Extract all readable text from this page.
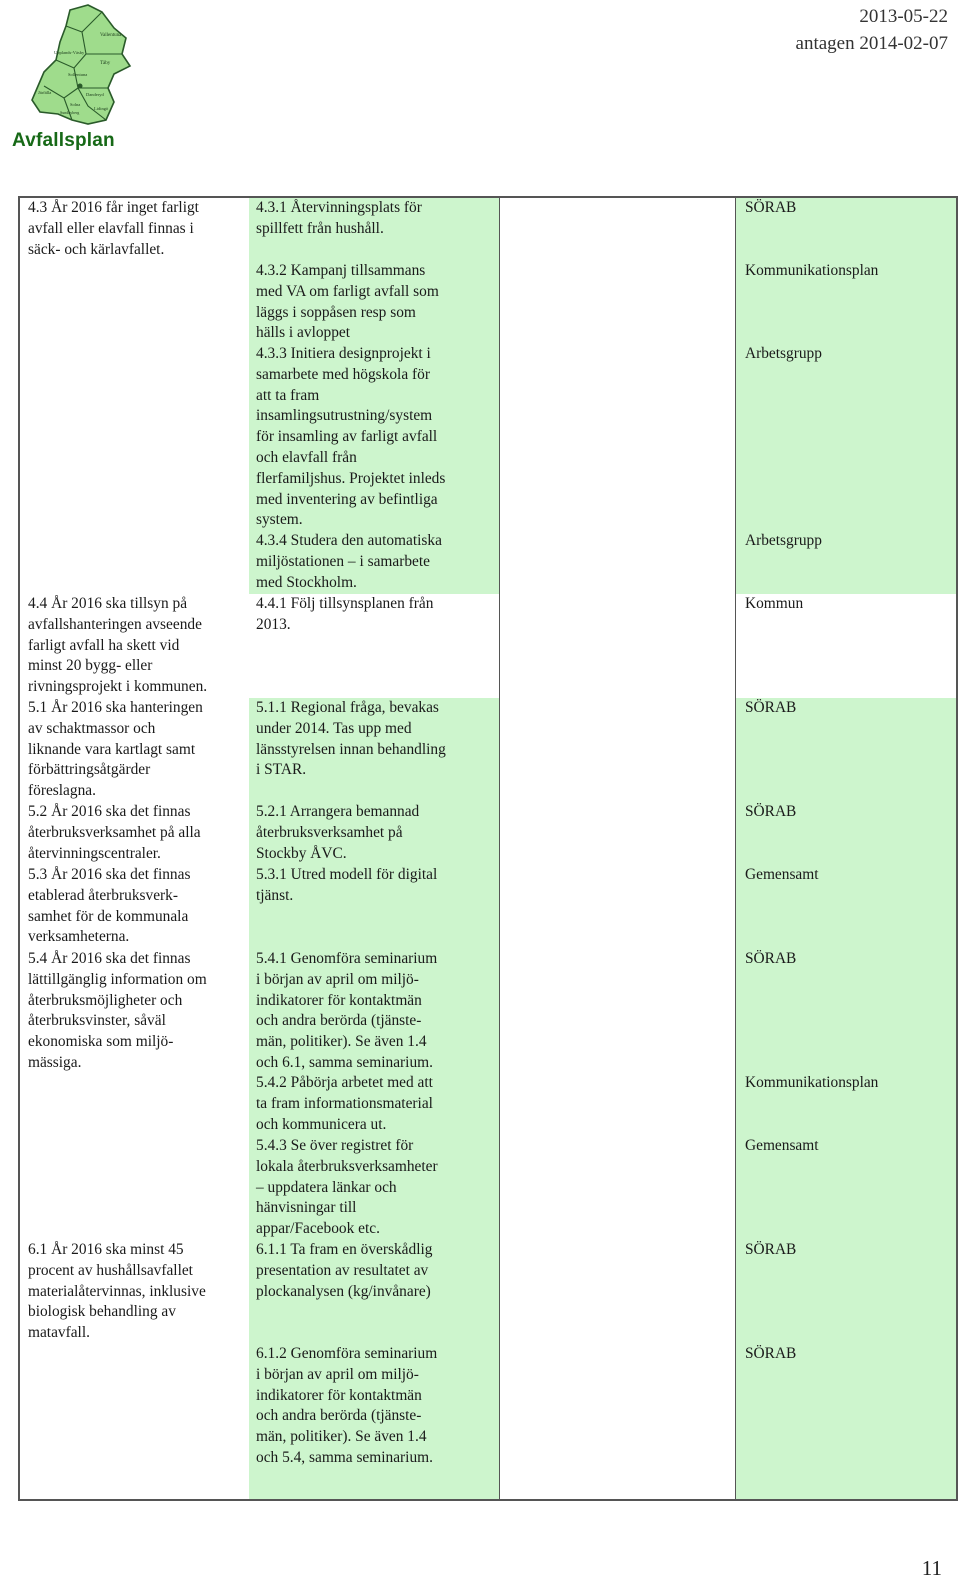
Vallentuna
Upplands-Väsby
Täby
Sollentuna
Järfälla	Danderyd
Solna
Sundbyberg
Lidingö
Avfallsplan
2013-05-22
antagen 2014-02-07
4.3 År 2016 får inget farligt
avfall eller elavfall finnas i
säck- och kärlavfallet.
4.4 År 2016 ska tillsyn på
avfallshanteringen avseende
farligt avfall ha skett vid
minst 20 bygg- eller
rivningsprojekt i kommunen.
5.1 År 2016 ska hanteringen
av schaktmassor och
liknande vara kartlagt samt
förbättringsåtgärder
föreslagna.
5.2 År 2016 ska det finnas
återbruksverksamhet på alla
återvinningscentraler.
5.3 År 2016 ska det finnas
etablerad återbruksverk-
samhet för de kommunala
verksamheterna.
5.4 År 2016 ska det finnas
lättillgänglig information om
återbruksmöjligheter och
återbruksvinster, såväl
ekonomiska som miljö-
mässiga.
6.1 År 2016 ska minst 45
procent av hushållsavfallet
materialåtervinnas, inklusive
biologisk behandling av
matavfall.
4.3.1 Återvinningsplats för
spillfett från hushåll.
4.3.2 Kampanj tillsammans
med VA om farligt avfall som
läggs i soppåsen resp som
hälls i avloppet
4.3.3 Initiera designprojekt i
samarbete med högskola för
att ta fram
insamlingsutrustning/system
för insamling av farligt avfall
och elavfall från
flerfamiljshus. Projektet inleds
med inventering av befintliga
system.
4.3.4 Studera den automatiska
miljöstationen – i samarbete
med Stockholm.
4.4.1 Följ tillsynsplanen från
2013.
5.1.1 Regional fråga, bevakas
under 2014. Tas upp med
länsstyrelsen innan behandling
i STAR.
5.2.1 Arrangera bemannad
återbruksverksamhet på
Stockby ÅVC.
5.3.1 Utred modell för digital
tjänst.
5.4.1 Genomföra seminarium
i början av april om miljö-
indikatorer för kontaktmän
och andra berörda (tjänste-
män, politiker). Se även 1.4
och 6.1, samma seminarium.
5.4.2 Påbörja arbetet med att
ta fram informationsmaterial
och kommunicera ut.
5.4.3 Se över registret för
lokala återbruksverksamheter
– uppdatera länkar och
hänvisningar till
appar/Facebook etc.
6.1.1 Ta fram en överskådlig
presentation av resultatet av
plockanalysen (kg/invånare)
6.1.2 Genomföra seminarium
i början av april om miljö-
indikatorer för kontaktmän
och andra berörda (tjänste-
män, politiker). Se även 1.4
och 5.4, samma seminarium.
SÖRAB
Kommunikationsplan
Arbetsgrupp
Arbetsgrupp
Kommun
SÖRAB
SÖRAB
Gemensamt
SÖRAB
Kommunikationsplan
Gemensamt
SÖRAB
SÖRAB
11
